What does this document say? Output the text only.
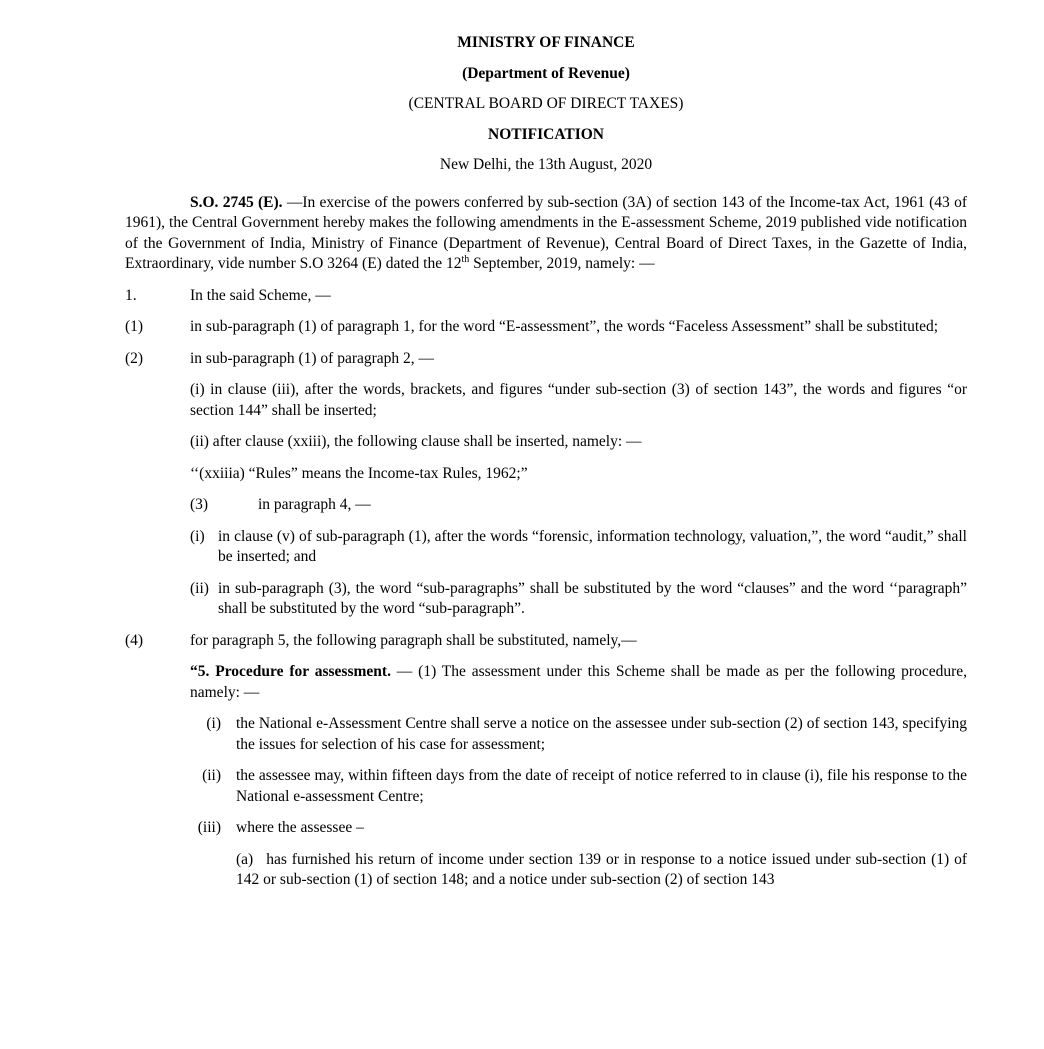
MINISTRY OF FINANCE
(Department of Revenue)
(CENTRAL BOARD OF DIRECT TAXES)
NOTIFICATION
New Delhi, the 13th August, 2020

S.O. 2745 (E). —In exercise of the powers conferred by sub-section (3A) of section 143 of the Income-tax Act, 1961 (43 of 1961), the Central Government hereby makes the following amendments in the E-assessment Scheme, 2019 published vide notification of the Government of India, Ministry of Finance (Department of Revenue), Central Board of Direct Taxes, in the Gazette of India, Extraordinary, vide number S.O 3264 (E) dated the 12th September, 2019, namely: —

1.	In the said Scheme, —

(1)	in sub-paragraph (1) of paragraph 1, for the word “E-assessment”, the words “Faceless Assessment” shall be substituted;

(2)	in sub-paragraph (1) of paragraph 2, —

(i) in clause (iii), after the words, brackets, and figures “under sub-section (3) of section 143”, the words and figures “or section 144” shall be inserted;

(ii) after clause (xxiii), the following clause shall be inserted, namely: —

‘‘(xxiiia) “Rules” means the Income-tax Rules, 1962;”

(3)	in paragraph 4, —

(i) in clause (v) of sub-paragraph (1), after the words “forensic, information technology, valuation,”, the word “audit,” shall be inserted; and

(ii) in sub-paragraph (3), the word “sub-paragraphs” shall be substituted by the word “clauses” and the word ‘‘paragraph” shall be substituted by the word “sub-paragraph”.

(4)	for paragraph 5, the following paragraph shall be substituted, namely,—

“5. Procedure for assessment. — (1) The assessment under this Scheme shall be made as per the following procedure, namely: —

(i) the National e-Assessment Centre shall serve a notice on the assessee under sub-section (2) of section 143, specifying the issues for selection of his case for assessment;

(ii) the assessee may, within fifteen days from the date of receipt of notice referred to in clause (i), file his response to the National e-assessment Centre;

(iii) where the assessee –

(a) has furnished his return of income under section 139 or in response to a notice issued under sub-section (1) of 142 or sub-section (1) of section 148; and a notice under sub-section (2) of section 143
